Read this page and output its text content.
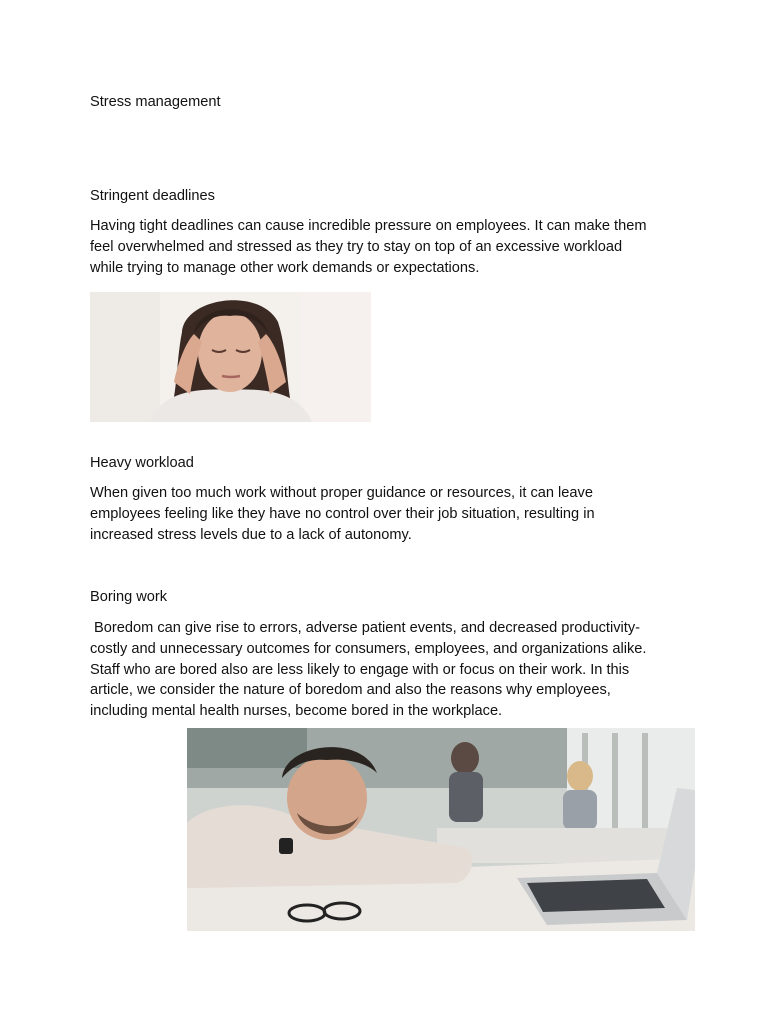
Stress management
Stringent deadlines
Having tight deadlines can cause incredible pressure on employees. It can make them
feel overwhelmed and stressed as they try to stay on top of an excessive workload
while trying to manage other work demands or expectations.
Heavy workload
When given too much work without proper guidance or resources, it can leave
employees feeling like they have no control over their job situation, resulting in
increased stress levels due to a lack of autonomy.
Boring work
Boredom can give rise to errors, adverse patient events, and decreased productivity-
costly and unnecessary outcomes for consumers, employees, and organizations alike.
Staff who are bored also are less likely to engage with or focus on their work. In this
article, we consider the nature of boredom and also the reasons why employees,
including mental health nurses, become bored in the workplace.
